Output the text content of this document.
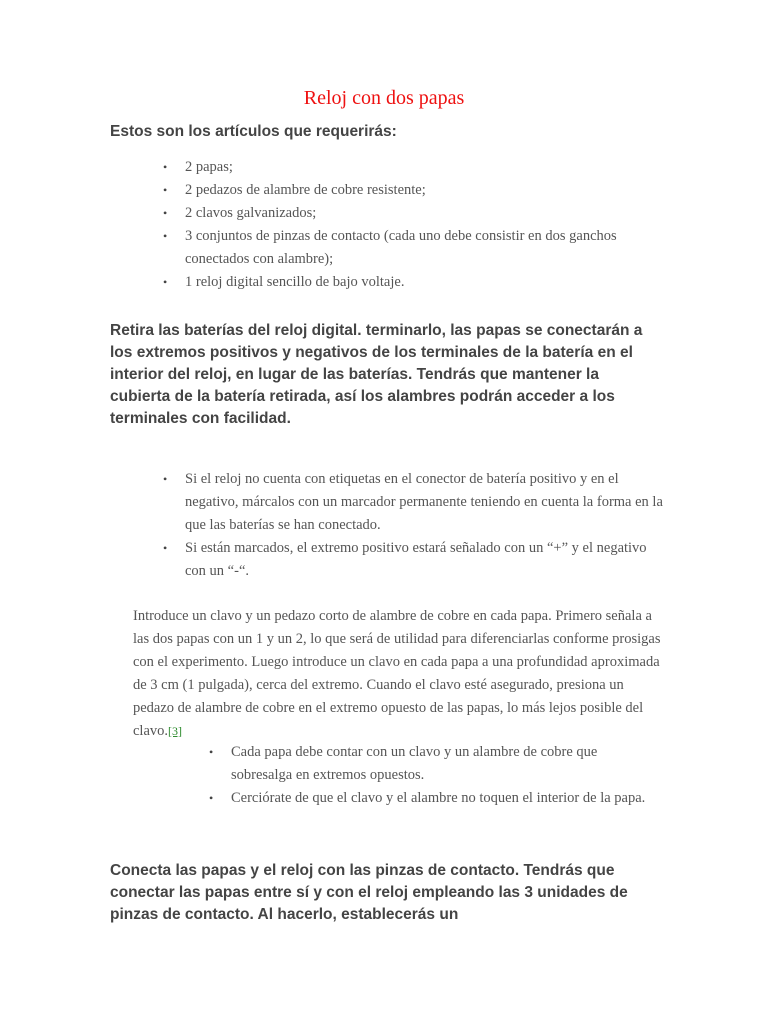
Reloj con dos papas

Estos son los artículos que requerirás:

• 2 papas;
• 2 pedazos de alambre de cobre resistente;
• 2 clavos galvanizados;
• 3 conjuntos de pinzas de contacto (cada uno debe consistir en dos ganchos conectados con alambre);
• 1 reloj digital sencillo de bajo voltaje.

Retira las baterías del reloj digital. terminarlo, las papas se conectarán a los extremos positivos y negativos de los terminales de la batería en el interior del reloj, en lugar de las baterías. Tendrás que mantener la cubierta de la batería retirada, así los alambres podrán acceder a los terminales con facilidad.

• Si el reloj no cuenta con etiquetas en el conector de batería positivo y en el negativo, márcalos con un marcador permanente teniendo en cuenta la forma en la que las baterías se han conectado.
• Si están marcados, el extremo positivo estará señalado con un “+” y el negativo con un “-“.

Introduce un clavo y un pedazo corto de alambre de cobre en cada papa. Primero señala a las dos papas con un 1 y un 2, lo que será de utilidad para diferenciarlas conforme prosigas con el experimento. Luego introduce un clavo en cada papa a una profundidad aproximada de 3 cm (1 pulgada), cerca del extremo. Cuando el clavo esté asegurado, presiona un pedazo de alambre de cobre en el extremo opuesto de las papas, lo más lejos posible del clavo.[3]

• Cada papa debe contar con un clavo y un alambre de cobre que sobresalga en extremos opuestos.
• Cerciórate de que el clavo y el alambre no toquen el interior de la papa.

Conecta las papas y el reloj con las pinzas de contacto. Tendrás que conectar las papas entre sí y con el reloj empleando las 3 unidades de pinzas de contacto. Al hacerlo, establecerás un
